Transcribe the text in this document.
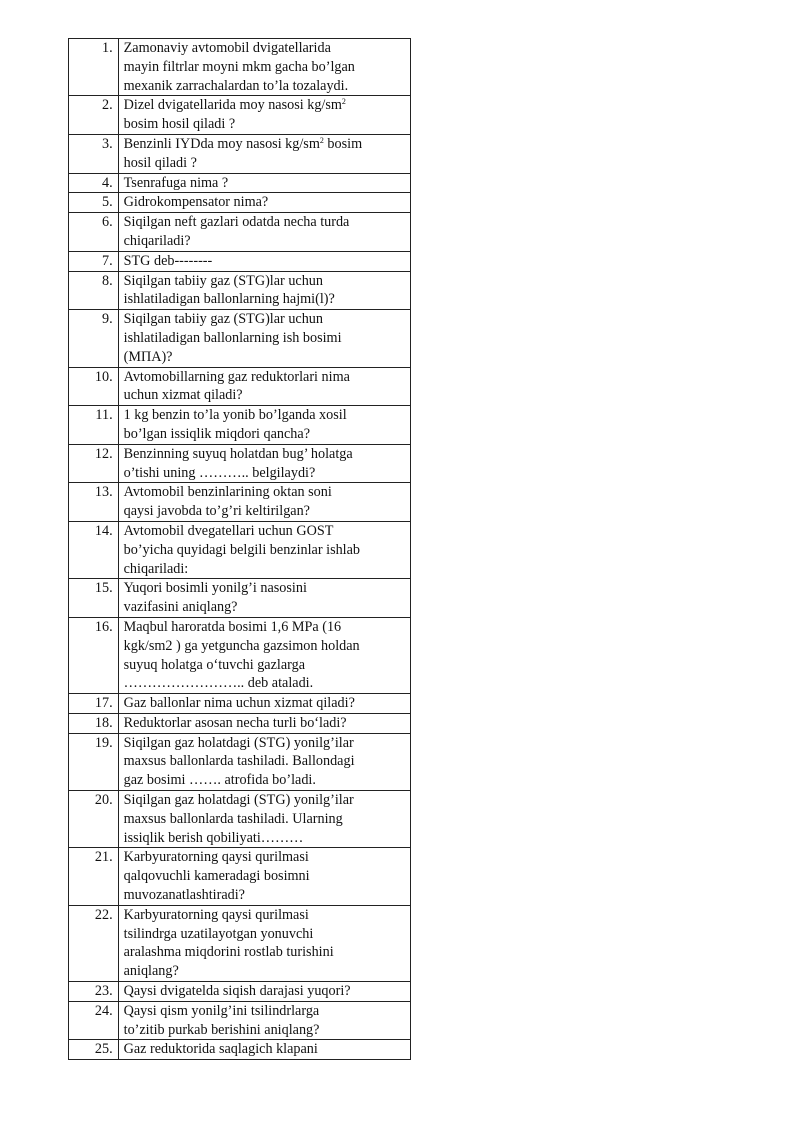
1.	Zamonaviy avtomobil dvigatellarida
mayin filtrlar moyni mkm gacha bo’lgan
mexanik zarrachalardan to’la tozalaydi.

2.	Dizel dvigatellarida moy nasosi $kg/sm^2$
bosim hosil qiladi ?

3.	Benzinli IYDda moy nasosi $kg/sm^2$ bosim
hosil qiladi ?

4.	Tsenrafuga nima ?

5.	Gidrokompensator nima?

6.	Siqilgan neft gazlari odatda necha turda
chiqariladi?

7.	STG deb--------

8.	Siqilgan tabiiy gaz (STG)lar uchun
ishlatiladigan ballonlarning hajmi(l)?

9.	Siqilgan tabiiy gaz (STG)lar uchun
ishlatiladigan ballonlarning ish bosimi
(MПA)?

10.	Avtomobillarning gaz reduktorlari nima
uchun xizmat qiladi?

11.	1 kg benzin to’la yonib bo’lganda xosil
bo’lgan issiqlik miqdori qancha?

12.	Benzinning suyuq holatdan bug’ holatga
o’tishi uning ……….. belgilaydi?

13.	Avtomobil benzinlarining oktan soni
qaysi javobda to’g’ri keltirilgan?

14.	Avtomobil dvegatellari uchun GOST
bo’yicha quyidagi belgili benzinlar ishlab
chiqariladi:

15.	Yuqori bosimli yonilg’i nasosini
vazifasini aniqlang?

16.	Maqbul haroratda bosimi 1,6 MPa (16
kgk/sm2 ) ga yetguncha gazsimon holdan
suyuq holatga o‘tuvchi gazlarga
…………………….. deb ataladi.

17.	Gaz ballonlar nima uchun xizmat qiladi?

18.	Reduktorlar asosan necha turli bo‘ladi?

19.	Siqilgan gaz holatdagi (STG) yonilg’ilar
maxsus ballonlarda tashiladi. Ballondagi
gaz bosimi ……. atrofida bo’ladi.

20.	Siqilgan gaz holatdagi (STG) yonilg’ilar
maxsus ballonlarda tashiladi. Ularning
issiqlik berish qobiliyati………

21.	Karbyuratorning qaysi qurilmasi
qalqovuchli kameradagi bosimni
muvozanatlashtiradi?

22.	Karbyuratorning qaysi qurilmasi
tsilindrga uzatilayotgan yonuvchi
aralashma miqdorini rostlab turishini
aniqlang?

23.	Qaysi dvigatelda siqish darajasi yuqori?

24.	Qaysi qism yonilg’ini tsilindrlarga
to’zitib purkab berishini aniqlang?

25.	Gaz reduktorida saqlagich klapani
